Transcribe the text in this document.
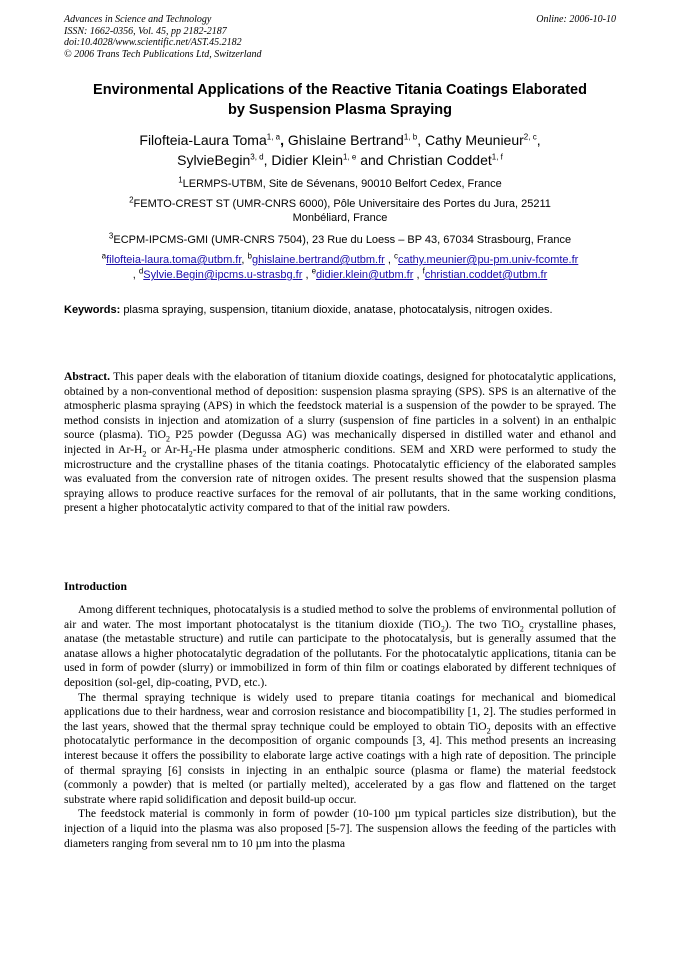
Advances in Science and Technology
ISSN: 1662-0356, Vol. 45, pp 2182-2187
doi:10.4028/www.scientific.net/AST.45.2182
© 2006 Trans Tech Publications Ltd, Switzerland
Online: 2006-10-10
Environmental Applications of the Reactive Titania Coatings Elaborated
by Suspension Plasma Spraying
Filofteia-Laura Toma$^{1, a}$, Ghislaine Bertrand$^{1, b}$, Cathy Meunieur$^{2, c}$,
SylvieBegin$^{3, d}$, Didier Klein$^{1, e}$ and Christian Coddet$^{1, f}$
$^1$LERMPS-UTBM, Site de Sévenans, 90010 Belfort Cedex, France
$^2$FEMTO-CREST ST (UMR-CNRS 6000), Pôle Universitaire des Portes du Jura, 25211
Monbéliard, France
$^3$ECPM-IPCMS-GMI (UMR-CNRS 7504), 23 Rue du Loess – BP 43, 67034 Strasbourg, France
$^a$filofteia-laura.toma@utbm.fr, $^b$ghislaine.bertrand@utbm.fr , $^c$cathy.meunier@pu-pm.univ-fcomte.fr
, $^d$Sylvie.Begin@ipcms.u-strasbg.fr , $^e$didier.klein@utbm.fr , $^f$christian.coddet@utbm.fr
Keywords: plasma spraying, suspension, titanium dioxide, anatase, photocatalysis, nitrogen oxides.

Abstract. This paper deals with the elaboration of titanium dioxide coatings, designed for photocatalytic applications, obtained by a non-conventional method of deposition: suspension plasma spraying (SPS). SPS is an alternative of the atmospheric plasma spraying (APS) in which the feedstock material is a suspension of the powder to be sprayed. The method consists in injection and atomization of a slurry (suspension of fine particles in a solvent) in an enthalpic source (plasma). TiO$_2$ P25 powder (Degussa AG) was mechanically dispersed in distilled water and ethanol and injected in $Ar-H_2$ or $Ar-H_2-He$ plasma under atmospheric conditions. SEM and XRD were performed to study the microstructure and the crystalline phases of the titania coatings. Photocatalytic efficiency of the elaborated samples was evaluated from the conversion rate of nitrogen oxides. The present results showed that the suspension plasma spraying allows to produce reactive surfaces for the removal of air pollutants, that in the same working conditions, present a higher photocatalytic activity compared to that of the initial raw powders.

Introduction

Among different techniques, photocatalysis is a studied method to solve the problems of environmental pollution of air and water. The most important photocatalyst is the titanium dioxide (TiO$_2$). The two TiO$_2$ crystalline phases, anatase (the metastable structure) and rutile can participate to the photocatalysis, but is generally assumed that the anatase allows a higher photocatalytic degradation of the pollutants. For the photocatalytic applications, titania can be used in form of powder (slurry) or immobilized in form of thin film or coatings elaborated by different techniques of deposition (sol-gel, dip-coating, PVD, etc.).

The thermal spraying technique is widely used to prepare titania coatings for mechanical and biomedical applications due to their hardness, wear and corrosion resistance and biocompatibility [1, 2]. The studies performed in the last years, showed that the thermal spray technique could be employed to obtain TiO$_2$ deposits with an effective photocatalytic performance in the decomposition of organic compounds [3, 4]. This method presents an increasing interest because it offers the possibility to elaborate large active coatings with a high rate of deposition. The principle of thermal spraying [6] consists in injecting in an enthalpic source (plasma or flame) the material feedstock (commonly a powder) that is melted (or partially melted), accelerated by a gas flow and flattened on the target substrate where rapid solidification and deposit build-up occur.

The feedstock material is commonly in form of powder (10-100 µm typical particles size distribution), but the injection of a liquid into the plasma was also proposed [5-7]. The suspension allows the feeding of the particles with diameters ranging from several nm to 10 µm into the plasma
